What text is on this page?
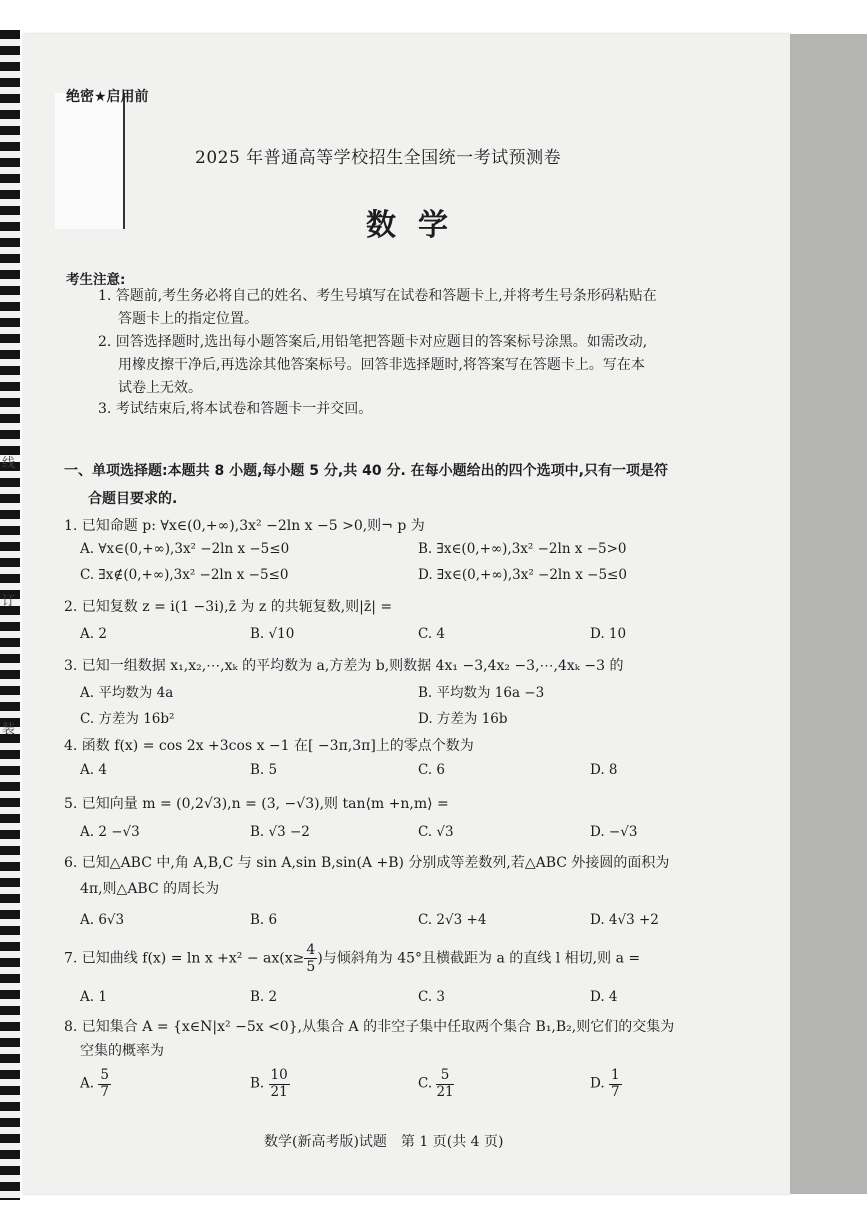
线
订
装
绝密★启用前
2025 年普通高等学校招生全国统一考试预测卷
数学
考生注意:
1. 答题前,考生务必将自己的姓名、考生号填写在试卷和答题卡上,并将考生号条形码粘贴在
答题卡上的指定位置。
2. 回答选择题时,选出每小题答案后,用铅笔把答题卡对应题目的答案标号涂黑。如需改动,
用橡皮擦干净后,再选涂其他答案标号。回答非选择题时,将答案写在答题卡上。写在本
试卷上无效。
3. 考试结束后,将本试卷和答题卡一并交回。
一、单项选择题:本题共 8 小题,每小题 5 分,共 40 分. 在每小题给出的四个选项中,只有一项是符
合题目要求的.
1. 已知命题 p: ∀x∈(0,+∞),3x² −2ln x −5 >0,则¬ p 为
A. ∀x∈(0,+∞),3x² −2ln x −5≤0	B. ∃x∈(0,+∞),3x² −2ln x −5>0
C. ∃x∉(0,+∞),3x² −2ln x −5≤0	D. ∃x∈(0,+∞),3x² −2ln x −5≤0
2. 已知复数 z = i(1 −3i),z̄ 为 z 的共轭复数,则|z̄| =
A. 2	B. √10	C. 4	D. 10
3. 已知一组数据 x₁,x₂,⋯,xₖ 的平均数为 a,方差为 b,则数据 4x₁ −3,4x₂ −3,⋯,4xₖ −3 的
A. 平均数为 4a	B. 平均数为 16a −3
C. 方差为 16b²	D. 方差为 16b
4. 函数 f(x) = cos 2x +3cos x −1 在[ −3π,3π]上的零点个数为
A. 4	B. 5	C. 6	D. 8
5. 已知向量 m = (0,2√3),n = (3, −√3),则 tan⟨m +n,m⟩ =
A. 2 −√3	B. √3 −2	C. √3	D. −√3
6. 已知△ABC 中,角 A,B,C 与 sin A,sin B,sin(A +B) 分别成等差数列,若△ABC 外接圆的面积为
4π,则△ABC 的周长为
A. 6√3	B. 6	C. 2√3 +4	D. 4√3 +2
7. 已知曲线 $f(x) = \ln x +x^2 - ax(x\ge \frac{4}{5}$ )与倾斜角为 45°且横截距为 a 的直线 l 相切,则 a =
A. 1	B. 2	C. 3	D. 4
8. 已知集合 A = {x∈N|x² −5x <0},从集合 A 的非空子集中任取两个集合 B₁,B₂,则它们的交集为
空集的概率为
A. $\frac{5}{7}$	B. $\frac{10}{21}$	C. $\frac{5}{21}$	D. $\frac{1}{7}$
数学(新高考版)试题　第 1 页(共 4 页)
